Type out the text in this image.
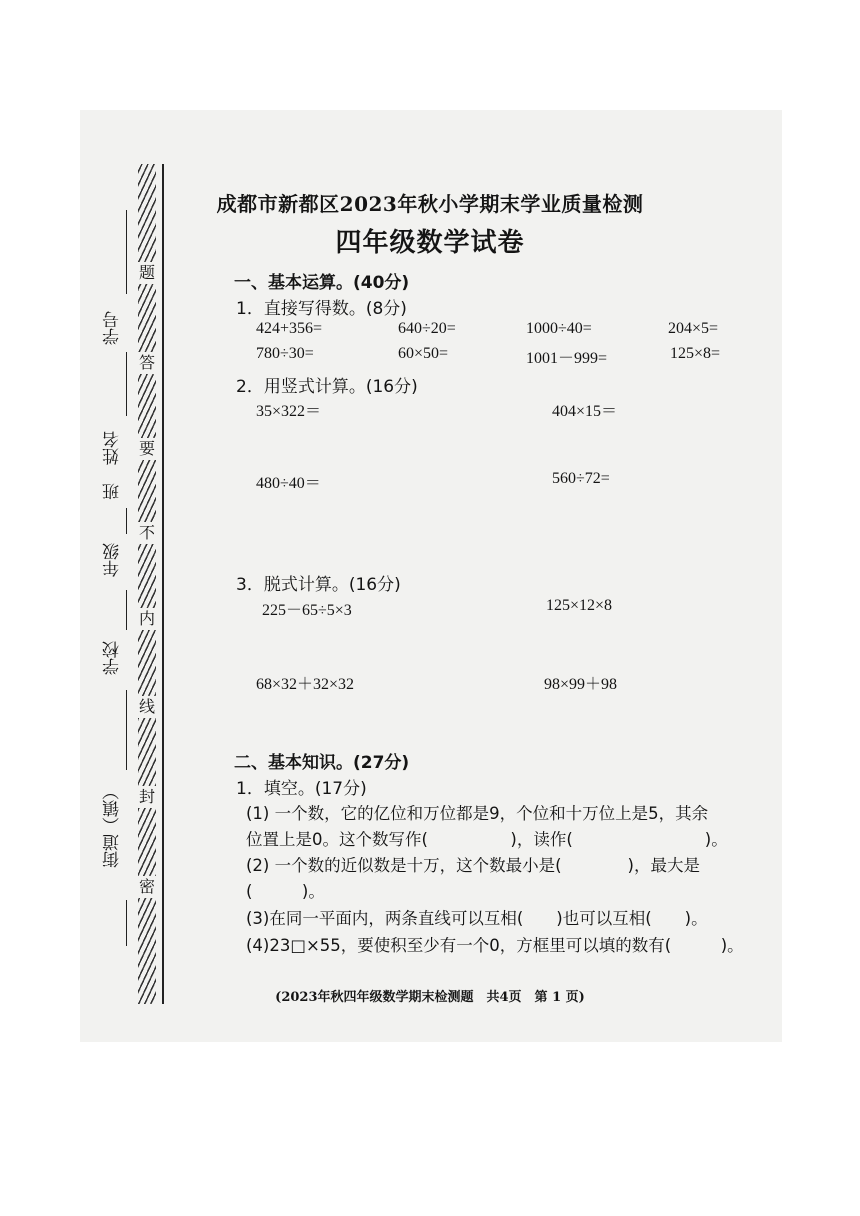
密
封
线
内
不
要
答
题
街道（镇）
学校
年级
班
姓名
学号
成都市新都区2023年秋小学期末学业质量检测
四年级数学试卷
一、基本运算。(40分)
1．直接写得数。(8分)
424+356=	640÷20=	1000÷40=	204×5=
780÷30=	60×50=	1001－999=	125×8=
2．用竖式计算。(16分)
35×322＝	404×15＝
480÷40＝	560÷72=
3．脱式计算。(16分)
225－65÷5×3	125×12×8
68×32＋32×32	98×99＋98
二、基本知识。(27分)
1．填空。(17分)
(1) 一个数，它的亿位和万位都是9，个位和十万位上是5，其余
位置上是0。这个数写作(　　　　　)，读作(　　　　　　　　)。
(2) 一个数的近似数是十万，这个数最小是(　　　　)，最大是
(　　　)。
(3)在同一平面内，两条直线可以互相(　　)也可以互相(　　)。
(4)23□×55，要使积至少有一个0，方框里可以填的数有(　　　)。
(2023年秋四年级数学期末检测题　共4页　第 1 页)
